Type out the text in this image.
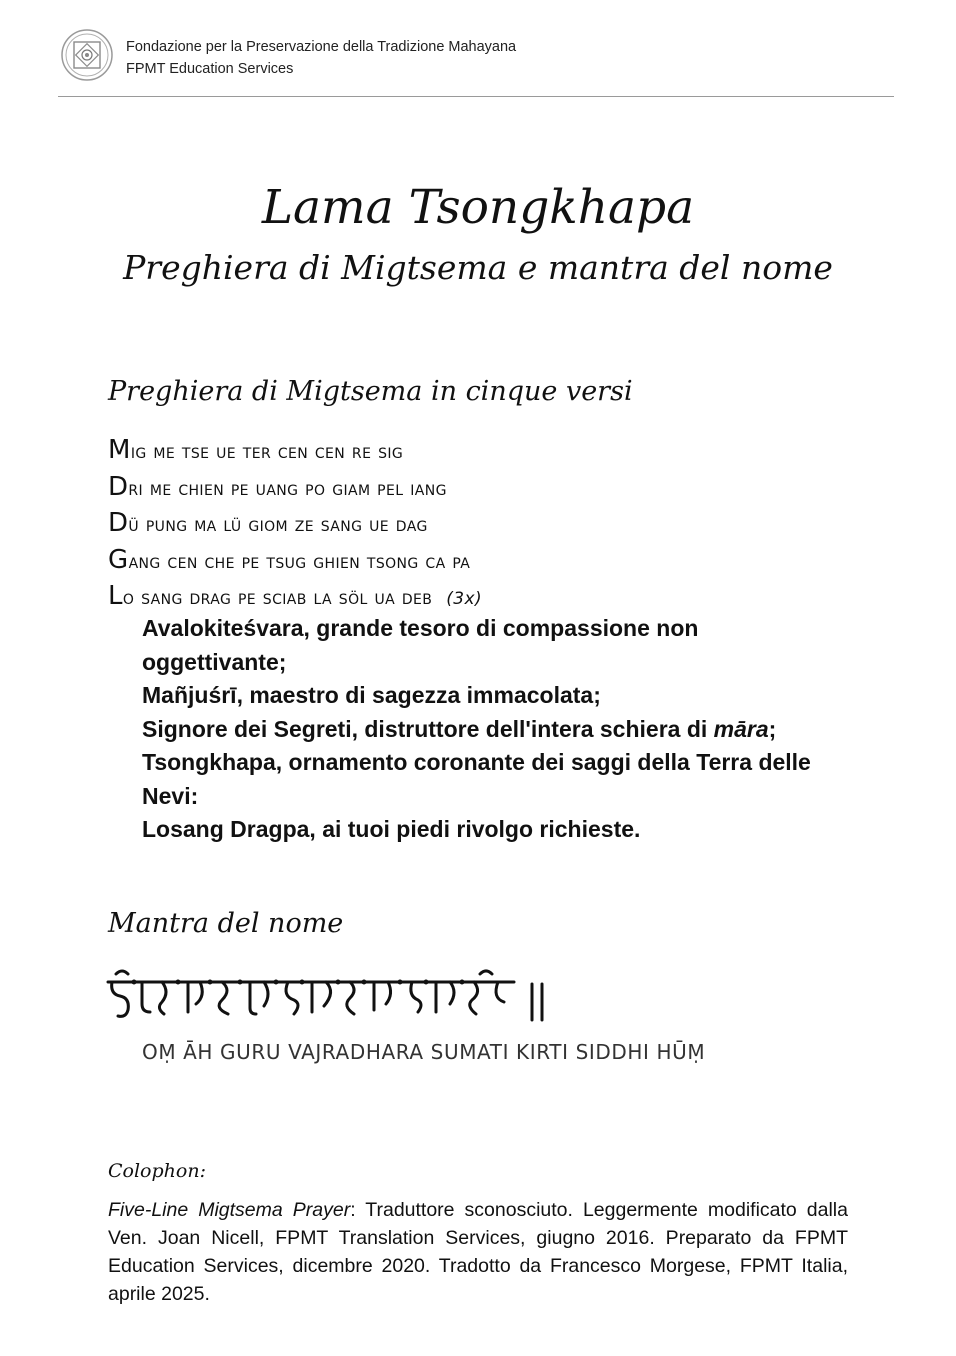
Fondazione per la Preservazione della Tradizione Mahayana
FPMT Education Services
Lama Tsongkhapa
Preghiera di Migtsema e mantra del nome
Preghiera di Migtsema in cinque versi
Mig me tse ue ter cen cen re sig
Dri me chien pe uang po giam pel iang
Dü pung ma lü giom ze sang ue dag
Gang cen che pe tsug ghien tsong ca pa
Lo sang drag pe sciab la söl ua deb (3x)
Avalokiteśvara, grande tesoro di compassione non oggettivante;
Mañjuśrī, maestro di sagezza immacolata;
Signore dei Segreti, distruttore dell'intera schiera di māra;
Tsongkhapa, ornamento coronante dei saggi della Terra delle Nevi:
Losang Dragpa, ai tuoi piedi rivolgo richieste.
Mantra del nome
OṂ ĀH GURU VAJRADHARA SUMATI KIRTI SIDDHI HŪṂ
Colophon:
Five-Line Migtsema Prayer: Traduttore sconosciuto. Leggermente modificato dalla Ven. Joan Nicell, FPMT Translation Services, giugno 2016. Preparato da FPMT Education Services, dicembre 2020. Tradotto da Francesco Morgese, FPMT Italia, aprile 2025.
